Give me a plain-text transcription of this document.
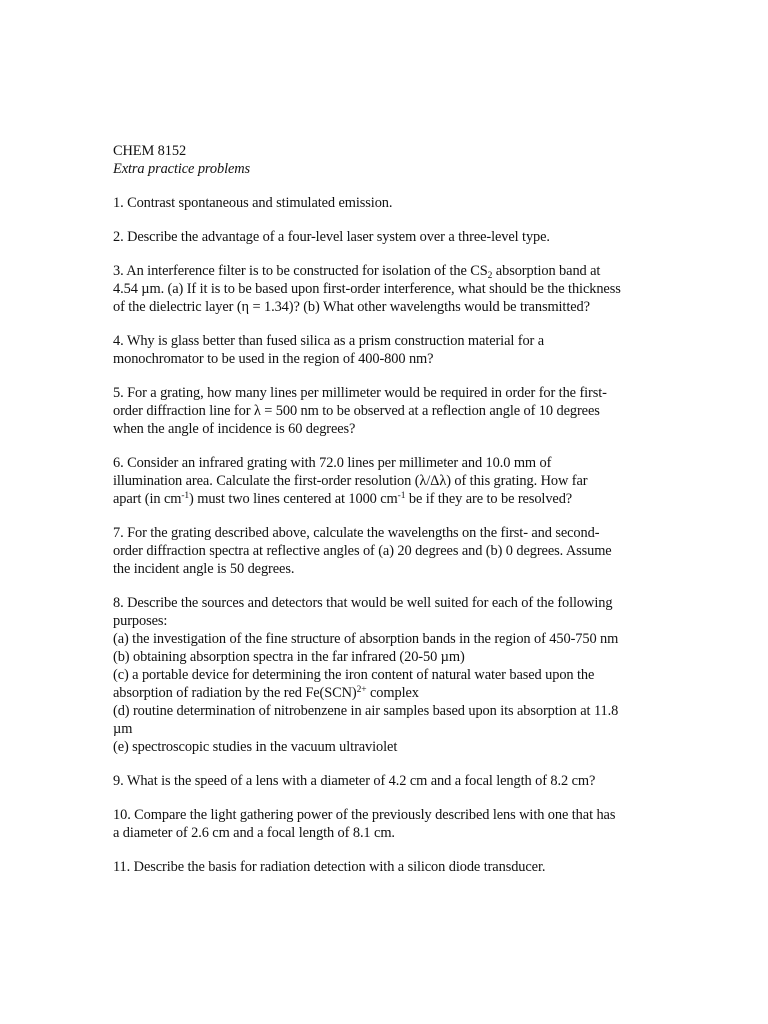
CHEM 8152
Extra practice problems
1. Contrast spontaneous and stimulated emission.
2. Describe the advantage of a four-level laser system over a three-level type.
3. An interference filter is to be constructed for isolation of the $CS_2$ absorption band at
4.54 µm. (a) If it is to be based upon first-order interference, what should be the thickness
of the dielectric layer (η = 1.34)? (b) What other wavelengths would be transmitted?
4. Why is glass better than fused silica as a prism construction material for a
monochromator to be used in the region of 400-800 nm?
5. For a grating, how many lines per millimeter would be required in order for the first-
order diffraction line for λ = 500 nm to be observed at a reflection angle of 10 degrees
when the angle of incidence is 60 degrees?
6. Consider an infrared grating with 72.0 lines per millimeter and 10.0 mm of
illumination area. Calculate the first-order resolution (λ/Δλ) of this grating. How far
apart (in $cm^{-1}$) must two lines centered at 1000 $cm^{-1}$ be if they are to be resolved?
7. For the grating described above, calculate the wavelengths on the first- and second-
order diffraction spectra at reflective angles of (a) 20 degrees and (b) 0 degrees. Assume
the incident angle is 50 degrees.
8. Describe the sources and detectors that would be well suited for each of the following
purposes:
(a) the investigation of the fine structure of absorption bands in the region of 450-750 nm
(b) obtaining absorption spectra in the far infrared (20-50 µm)
(c) a portable device for determining the iron content of natural water based upon the
absorption of radiation by the red Fe(SCN)$^{2+}$ complex
(d) routine determination of nitrobenzene in air samples based upon its absorption at 11.8
µm
(e) spectroscopic studies in the vacuum ultraviolet
9. What is the speed of a lens with a diameter of 4.2 cm and a focal length of 8.2 cm?
10. Compare the light gathering power of the previously described lens with one that has
a diameter of 2.6 cm and a focal length of 8.1 cm.
11. Describe the basis for radiation detection with a silicon diode transducer.
